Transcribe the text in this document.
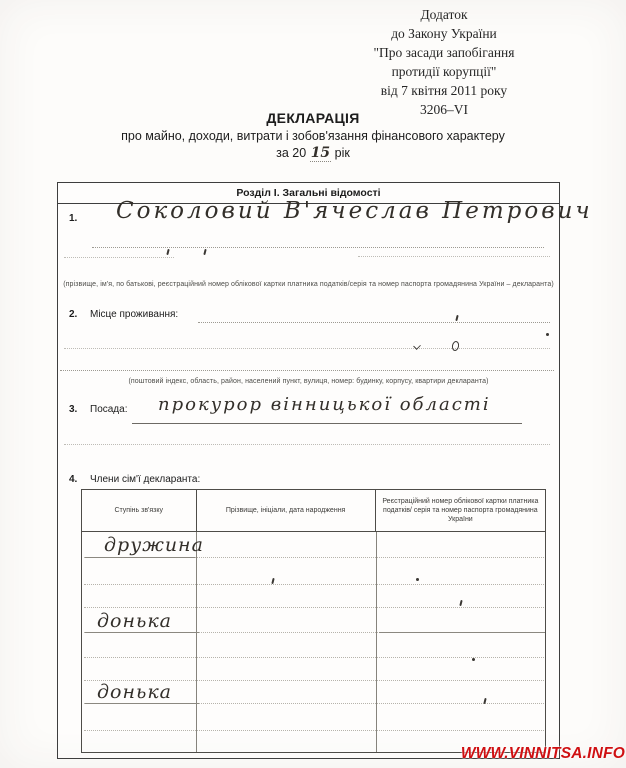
Додаток
до Закону України
"Про засади запобігання
протидії корупції"
від 7 квітня 2011 року
3206–VI
ДЕКЛАРАЦІЯ
про майно, доходи, витрати і зобов'язання фінансового характеру
за 20 15 рік
Розділ І. Загальні відомості
1. Соколовий В'ячеслав Петрович
(прізвище, ім'я, по батькові, реєстраційний номер облікової картки платника податків/серія та номер паспорта громадянина України – декларанта)
2. Місце проживання:
(поштовий індекс, область, район, населений пункт, вулиця, номер: будинку, корпусу, квартири декларанта)
3. Посада: прокурор вінницької області
4. Члени сім'ї декларанта:
Ступінь зв'язку	Прізвище, ініціали, дата народження
Реєстраційний номер облікової картки платника податків/ серія та номер паспорта громадянина України
дружина
донька
донька
WWW.VINNITSA.INFO
